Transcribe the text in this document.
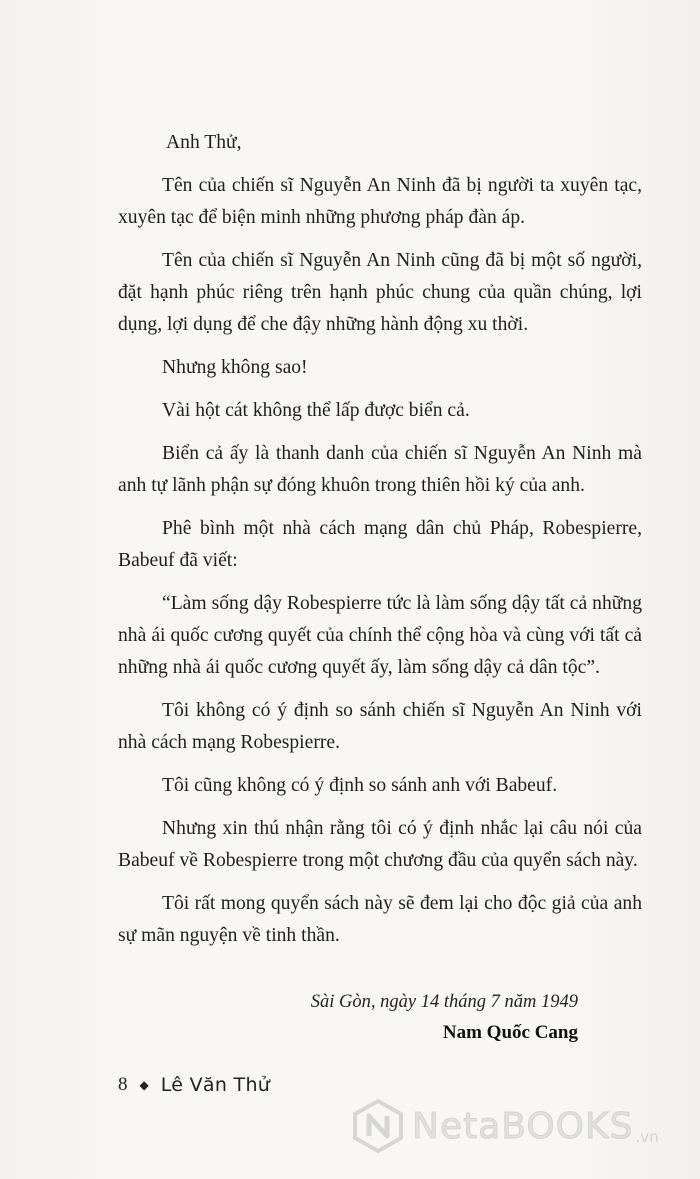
Anh Thử,

Tên của chiến sĩ Nguyễn An Ninh đã bị người ta xuyên tạc, xuyên tạc để biện minh những phương pháp đàn áp.

Tên của chiến sĩ Nguyễn An Ninh cũng đã bị một số người, đặt hạnh phúc riêng trên hạnh phúc chung của quần chúng, lợi dụng, lợi dụng để che đậy những hành động xu thời.

Nhưng không sao!

Vài hột cát không thể lấp được biển cả.

Biển cả ấy là thanh danh của chiến sĩ Nguyễn An Ninh mà anh tự lãnh phận sự đóng khuôn trong thiên hồi ký của anh.

Phê bình một nhà cách mạng dân chủ Pháp, Robespierre, Babeuf đã viết:

“Làm sống dậy Robespierre tức là làm sống dậy tất cả những nhà ái quốc cương quyết của chính thể cộng hòa và cùng với tất cả những nhà ái quốc cương quyết ấy, làm sống dậy cả dân tộc”.

Tôi không có ý định so sánh chiến sĩ Nguyễn An Ninh với nhà cách mạng Robespierre.

Tôi cũng không có ý định so sánh anh với Babeuf.

Nhưng xin thú nhận rằng tôi có ý định nhắc lại câu nói của Babeuf về Robespierre trong một chương đầu của quyển sách này.

Tôi rất mong quyển sách này sẽ đem lại cho độc giả của anh sự mãn nguyện về tinh thần.

Sài Gòn, ngày 14 tháng 7 năm 1949
Nam Quốc Cang
8 ◆ Lê Văn Thử
NetaBOOKS .vn
